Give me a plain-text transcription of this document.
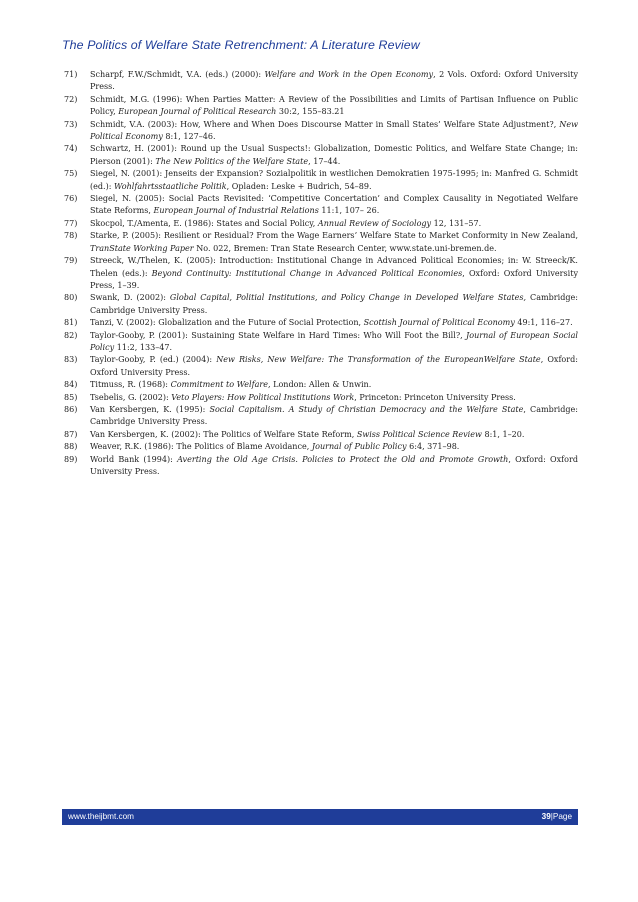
The Politics of Welfare State Retrenchment: A Literature Review
71)	Scharpf, F.W./Schmidt, V.A. (eds.) (2000): Welfare and Work in the Open Economy, 2 Vols. Oxford: Oxford University Press.
72)	Schmidt, M.G. (1996): When Parties Matter: A Review of the Possibilities and Limits of Partisan Influence on Public Policy, European Journal of Political Research 30:2, 155–83.21
73)	Schmidt, V.A. (2003): How, Where and When Does Discourse Matter in Small States’ Welfare State Adjustment?, New Political Economy 8:1, 127–46.
74)	Schwartz, H. (2001): Round up the Usual Suspects!: Globalization, Domestic Politics, and Welfare State Change; in: Pierson (2001): The New Politics of the Welfare State, 17–44.
75)	Siegel, N. (2001): Jenseits der Expansion? Sozialpolitik in westlichen Demokratien 1975-1995; in: Manfred G. Schmidt (ed.): Wohlfahrtsstaatliche Politik, Opladen: Leske + Budrich, 54–89.
76)	Siegel, N. (2005): Social Pacts Revisited: ‘Competitive Concertation’ and Complex Causality in Negotiated Welfare State Reforms, European Journal of Industrial Relations 11:1, 107– 26.
77)	Skocpol, T./Amenta, E. (1986): States and Social Policy, Annual Review of Sociology 12, 131–57.
78)	Starke, P. (2005): Resilient or Residual? From the Wage Earners’ Welfare State to Market Conformity in New Zealand, TranState Working Paper No. 022, Bremen: Tran State Research Center, www.state.uni-bremen.de.
79)	Streeck, W./Thelen, K. (2005): Introduction: Institutional Change in Advanced Political Economies; in: W. Streeck/K. Thelen (eds.): Beyond Continuity: Institutional Change in Advanced Political Economies, Oxford: Oxford University Press, 1–39.
80)	Swank, D. (2002): Global Capital, Politial Institutions, and Policy Change in Developed Welfare States, Cambridge: Cambridge University Press.
81)	Tanzi, V. (2002): Globalization and the Future of Social Protection, Scottish Journal of Political Economy 49:1, 116–27.
82)	Taylor-Gooby, P. (2001): Sustaining State Welfare in Hard Times: Who Will Foot the Bill?, Journal of European Social Policy 11:2, 133–47.
83)	Taylor-Gooby, P. (ed.) (2004): New Risks, New Welfare: The Transformation of the EuropeanWelfare State, Oxford: Oxford University Press.
84)	Titmuss, R. (1968): Commitment to Welfare, London: Allen & Unwin.
85)	Tsebelis, G. (2002): Veto Players: How Political Institutions Work, Princeton: Princeton University Press.
86)	Van Kersbergen, K. (1995): Social Capitalism. A Study of Christian Democracy and the Welfare State, Cambridge: Cambridge University Press.
87)	Van Kersbergen, K. (2002): The Politics of Welfare State Reform, Swiss Political Science Review 8:1, 1–20.
88)	Weaver, R.K. (1986): The Politics of Blame Avoidance, Journal of Public Policy 6:4, 371–98.
89)	World Bank (1994): Averting the Old Age Crisis. Policies to Protect the Old and Promote Growth, Oxford: Oxford University Press.
www.theijbmt.com	39|Page
